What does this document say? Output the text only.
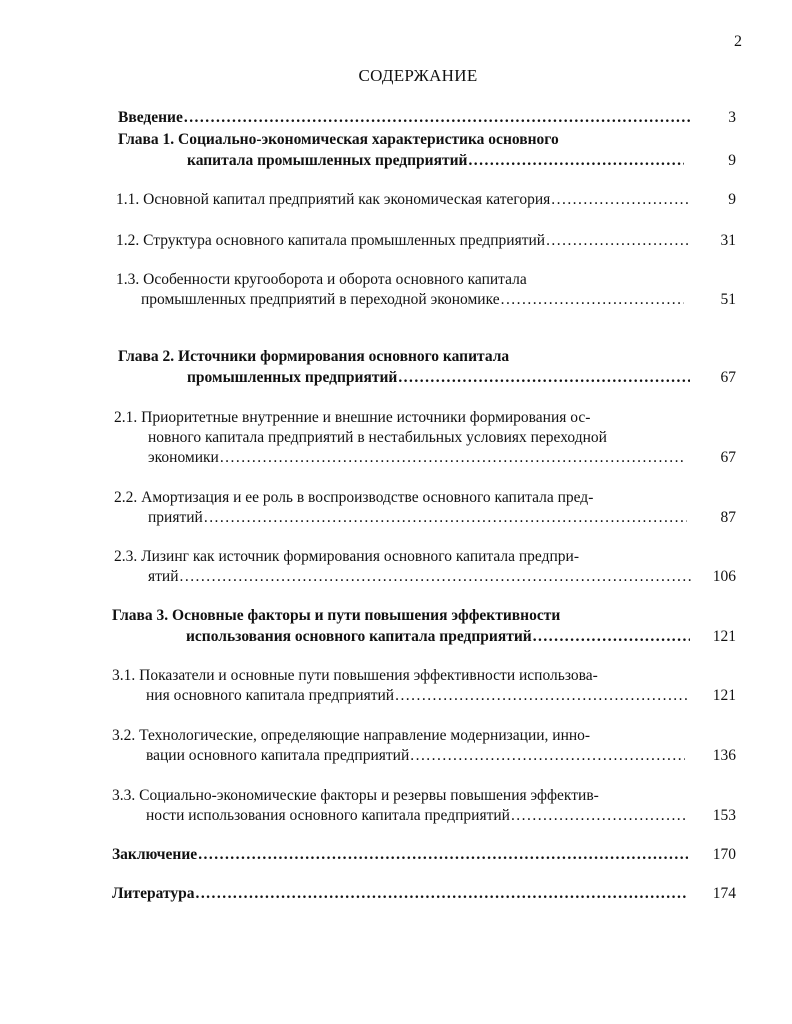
2
СОДЕРЖАНИЕ
Введение . . .	3
Глава 1. Социально-экономическая характеристика основного
капитала промышленных предприятий . . .	9
1.1. Основной капитал предприятий как экономическая категория . . .	9
1.2. Структура основного капитала промышленных предприятий . . .	31
1.3. Особенности кругооборота и оборота основного капитала
промышленных предприятий в переходной экономике . . .	51
Глава 2. Источники формирования основного капитала
промышленных предприятий . . .	67
2.1. Приоритетные внутренние и внешние источники формирования ос-
новного капитала предприятий в нестабильных условиях переходной
экономики . . .	67
2.2. Амортизация и ее роль в воспроизводстве основного капитала пред-
приятий . . .	87
2.3. Лизинг как источник формирования основного капитала предпри-
ятий . . .	106
Глава 3. Основные факторы и пути повышения эффективности
использования основного капитала предприятий . . .	121
3.1. Показатели и основные пути повышения эффективности использова-
ния основного капитала предприятий . . .	121
3.2. Технологические, определяющие направление модернизации, инно-
вации основного капитала предприятий . . .	136
3.3. Социально-экономические факторы и резервы повышения эффектив-
ности использования основного капитала предприятий . . .	153
Заключение . . .	170
Литература . . .	174
